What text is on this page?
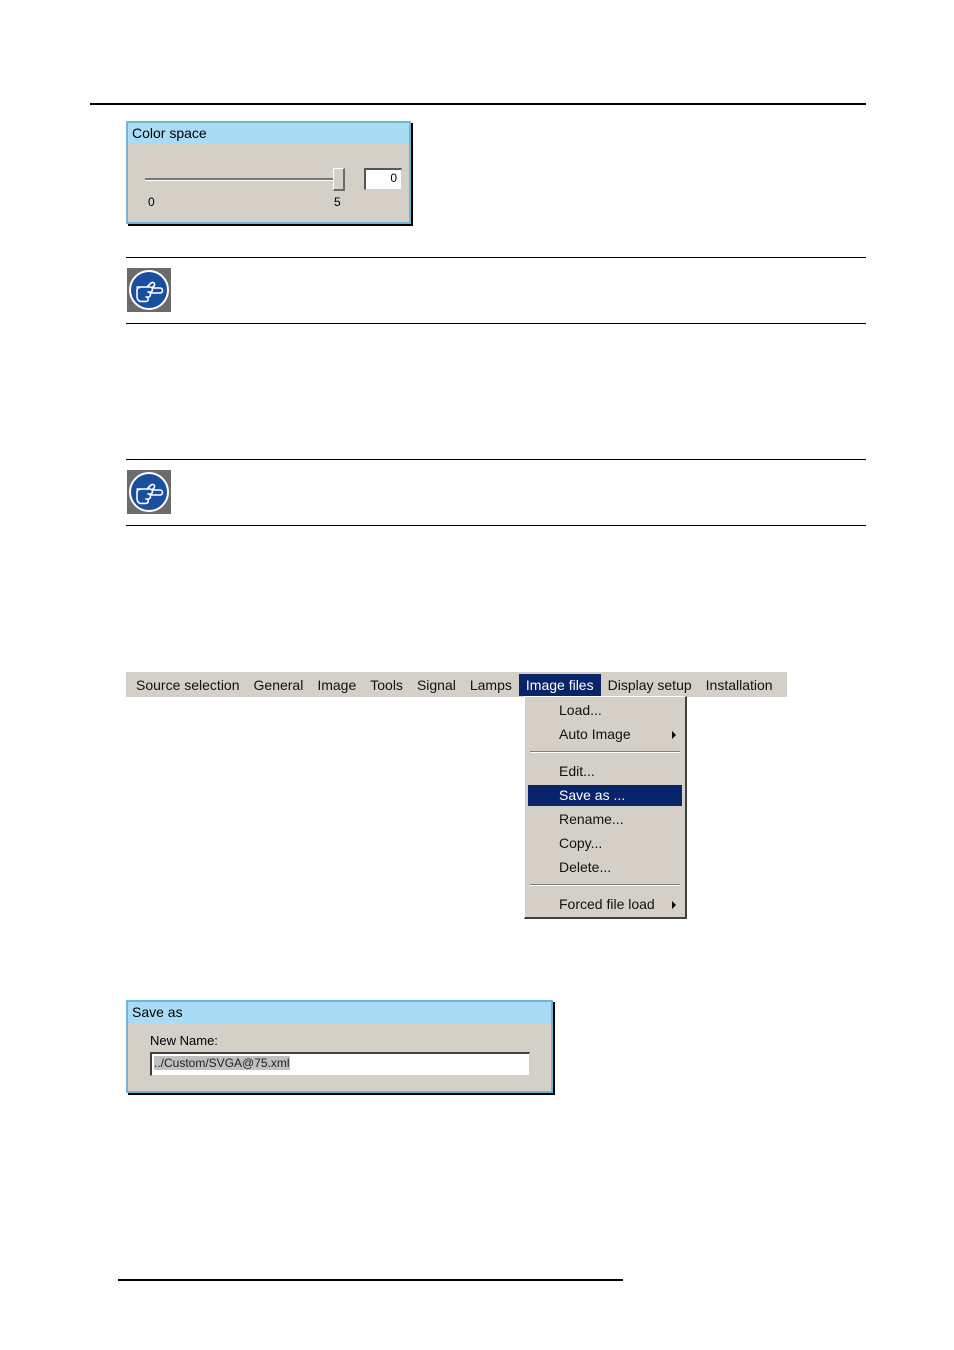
Color space
0	5
0
Source selection	General	Image	Tools	Signal	Lamps	Image files	Display setup	Installation
Load...
Auto Image
Edit...
Save as ...
Rename...
Copy...
Delete...
Forced file load
Save as
New Name:
../Custom/SVGA@75.xml
